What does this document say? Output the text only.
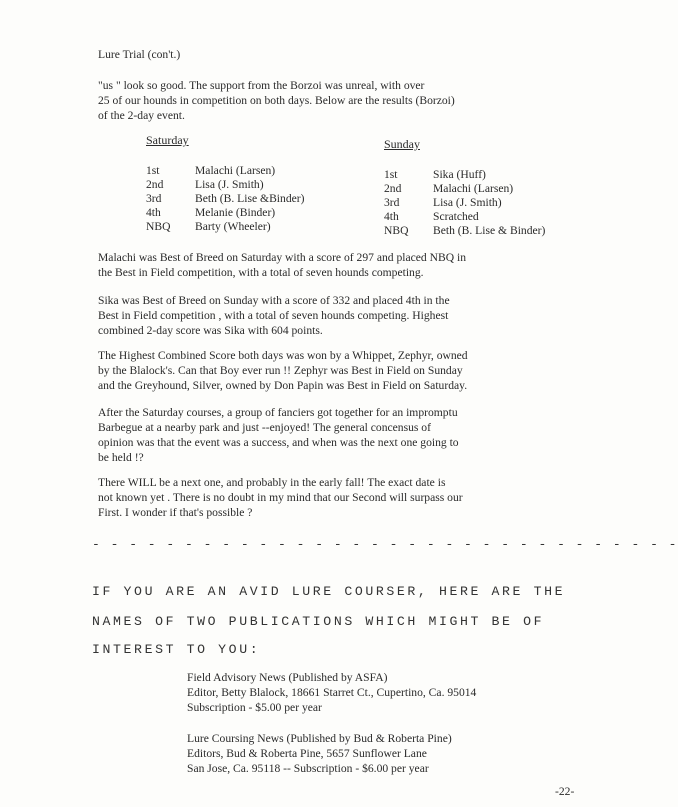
Lure Trial (con't.)
"us " look so good. The support from the Borzoi was unreal, with over
25 of our hounds in competition on both days. Below are the results (Borzoi)
of the 2-day event.
Saturday
1st	Malachi (Larsen)
2nd	Lisa (J. Smith)
3rd	Beth (B. Lise &Binder)
4th	Melanie (Binder)
NBQ Barty (Wheeler)
Sunday
1st	Sika (Huff)
2nd	Malachi (Larsen)
3rd	Lisa (J. Smith)
4th	Scratched
NBQ Beth (B. Lise & Binder)
Malachi was Best of Breed on Saturday with a score of 297 and placed NBQ in
the Best in Field competition, with a total of seven hounds competing.
Sika was Best of Breed on Sunday with a score of 332 and placed 4th in the
Best in Field competition , with a total of seven hounds competing. Highest
combined 2-day score was Sika with 604 points.
The Highest Combined Score both days was won by a Whippet, Zephyr, owned
by the Blalock's. Can that Boy ever run !! Zephyr was Best in Field on Sunday
and the Greyhound, Silver, owned by Don Papin was Best in Field on Saturday.
After the Saturday courses, a group of fanciers got together for an impromptu
Barbegue at a nearby park and just --enjoyed! The general concensus of
opinion was that the event was a success, and when was the next one going to
be held !?
There WILL be a next one, and probably in the early fall! The exact date is
not known yet . There is no doubt in my mind that our Second will surpass our
First. I wonder if that's possible ?
- - - - - - - - - - - - - - - - - - - - - - - - - - - - - - - -
IF YOU ARE AN AVID LURE COURSER, HERE ARE THE
NAMES OF TWO PUBLICATIONS WHICH MIGHT BE OF
INTEREST TO YOU:
Field Advisory News (Published by ASFA)
Editor, Betty Blalock, 18661 Starret Ct., Cupertino, Ca. 95014
Subscription - $5.00 per year
Lure Coursing News (Published by Bud & Roberta Pine)
Editors, Bud & Roberta Pine, 5657 Sunflower Lane
San Jose, Ca. 95118 -- Subscription - $6.00 per year
-22-
